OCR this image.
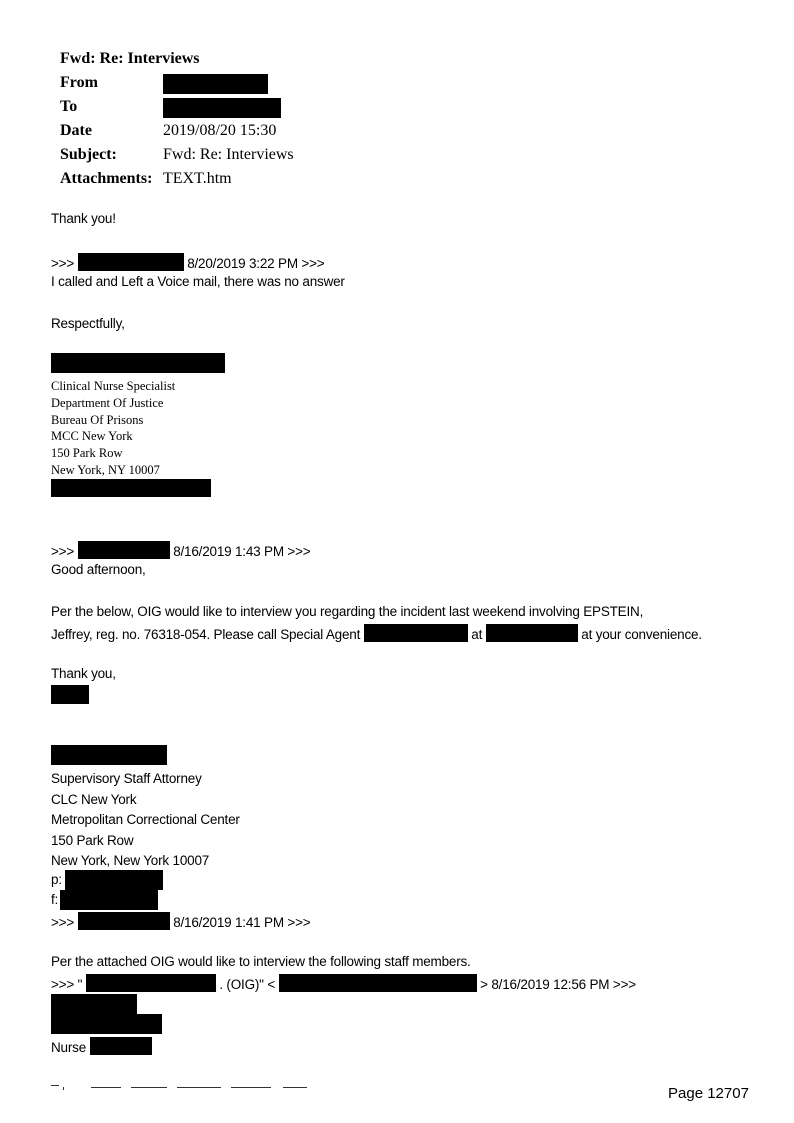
Fwd: Re: Interviews
From
To
Date	2019/08/20 15:30
Subject:	Fwd: Re: Interviews
Attachments: TEXT.htm
Thank you!
>>>	8/20/2019 3:22 PM >>>
I called and Left a Voice mail, there was no answer
Respectfully,
Clinical Nurse Specialist
Department Of Justice
Bureau Of Prisons
MCC New York
150 Park Row
New York, NY 10007
>>>	8/16/2019 1:43 PM >>>
Good afternoon,
Per the below, OIG would like to interview you regarding the incident last weekend involving EPSTEIN,
Jeffrey, reg. no. 76318-054. Please call Special Agent	at	at your convenience.
Thank you,
Supervisory Staff Attorney
CLC New York
Metropolitan Correctional Center
150 Park Row
New York, New York 10007
p:
f:
>>>	8/16/2019 1:41 PM >>>
Per the attached OIG would like to interview the following staff members.
>>> "	. (OIG)" <	> 8/16/2019 12:56 PM >>>
Nurse
Page 12707
